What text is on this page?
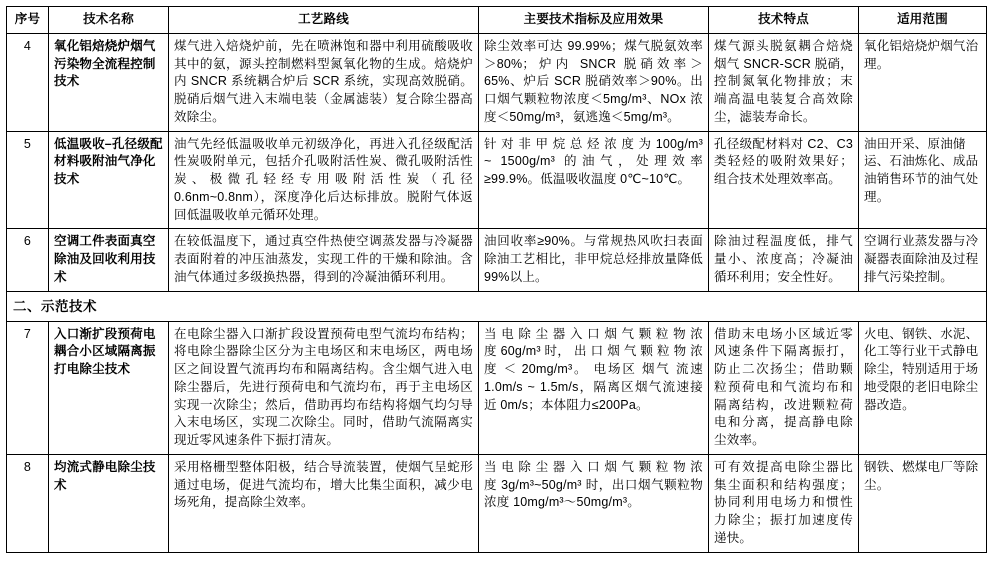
序号	技术名称	工艺路线	主要技术指标及应用效果	技术特点	适用范围
4	氧化铝焙烧炉烟气污染物全流程控制技术	煤气进入焙烧炉前，先在喷淋饱和器中利用硫酸吸收其中的氨，源头控制燃料型氮氧化物的生成。焙烧炉内 SNCR 系统耦合炉后 SCR 系统，实现高效脱硝。脱硝后烟气进入末端电装（金属滤装）复合除尘器高效除尘。	除尘效率可达 99.99%；煤气脱氨效率＞80%；炉内 SNCR 脱硝效率＞65%、炉后 SCR 脱硝效率＞90%。出口烟气颗粒物浓度＜5mg/m³、NOx 浓度＜50mg/m³，氨逃逸＜5mg/m³。	煤气源头脱氨耦合焙烧烟气 SNCR-SCR 脱硝，控制氮氧化物排放；末端高温电装复合高效除尘，滤装寿命长。	氧化铝焙烧炉烟气治理。
5	低温吸收–孔径级配材料吸附油气净化技术	油气先经低温吸收单元初级净化，再进入孔径级配活性炭吸附单元，包括介孔吸附活性炭、微孔吸附活性炭、极微孔轻经专用吸附活性炭（孔径 0.6nm~0.8nm），深度净化后达标排放。脱附气体返回低温吸收单元循环处理。	针 对 非 甲 烷 总 烃 浓 度 为 100g/m³ ~ 1500g/m³ 的油气，处理效率≥99.9%。低温吸收温度 0℃~10℃。	孔径级配材料对 C2、C3 类轻烃的吸附效果好；组合技术处理效率高。	油田开采、原油储运、石油炼化、成品油销售环节的油气处理。
6	空调工件表面真空除油及回收利用技术	在较低温度下，通过真空件热使空调蒸发器与冷凝器表面附着的冲压油蒸发，实现工件的干燥和除油。含油气体通过多级换热器，得到的冷凝油循环利用。	油回收率≥90%。与常规热风吹扫表面除油工艺相比，非甲烷总烃排放量降低99%以上。	除油过程温度低，排气量小、浓度高；冷凝油循环利用；安全性好。	空调行业蒸发器与冷凝器表面除油及过程排气污染控制。
二、示范技术					
7	入口渐扩段预荷电耦合小区域隔离振打电除尘技术	在电除尘器入口渐扩段设置预荷电型气流均布结构；将电除尘器除尘区分为主电场区和末电场区，两电场区之间设置气流再均布和隔离结构。含尘烟气进入电除尘器后，先进行预荷电和气流均布，再于主电场区实现一次除尘；然后，借助再均布结构将烟气均匀导入末电场区，实现二次除尘。同时，借助气流隔离实现近零风速条件下振打清灰。	当 电 除 尘 器 入 口 烟 气 颗 粒 物 浓 度 60g/m³ 时， 出 口 烟 气 颗 粒 物 浓 度 ＜ 20mg/m³。 电场区 烟气 流速 1.0m/s ~ 1.5m/s，隔离区烟气流速接近 0m/s；本体阻力≤200Pa。	借助末电场小区域近零风速条件下隔离振打，防止二次扬尘；借助颗粒预荷电和气流均布和隔离结构，改进颗粒荷电和分离，提高静电除尘效率。	火电、钢铁、水泥、化工等行业干式静电除尘，特别适用于场地受限的老旧电除尘器改造。
8	均流式静电除尘技术	采用格栅型整体阳极，结合导流装置，使烟气呈蛇形通过电场，促进气流均布，增大比集尘面积，减少电场死角，提高除尘效率。	当 电 除 尘 器 入 口 烟 气 颗 粒 物 浓 度 3g/m³~50g/m³ 时，出口烟气颗粒物浓度 10mg/m³～50mg/m³。	可有效提高电除尘器比集尘面积和结构强度；协同利用电场力和惯性力除尘；振打加速度传递快。	钢铁、燃煤电厂等除尘。
